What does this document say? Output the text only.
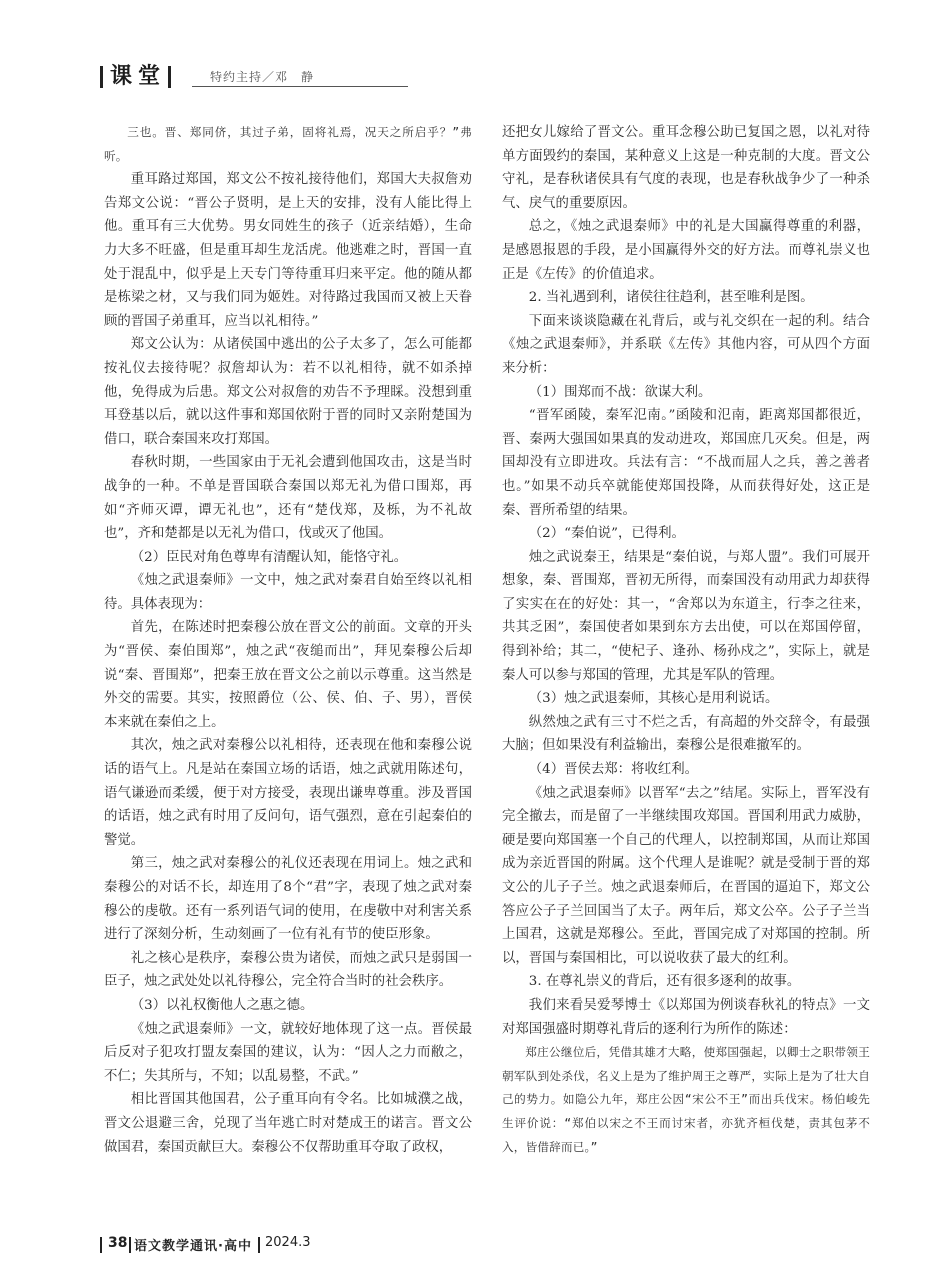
课堂	特约主持／邓　静

三也。晋、郑同侪，其过子弟，固将礼焉，况天之所启乎？”弗听。

重耳路过郑国，郑文公不按礼接待他们，郑国大夫叔詹劝告郑文公说：“晋公子贤明，是上天的安排，没有人能比得上他。重耳有三大优势。男女同姓生的孩子（近亲结婚），生命力大多不旺盛，但是重耳却生龙活虎。他逃难之时，晋国一直处于混乱中，似乎是上天专门等待重耳归来平定。他的随从都是栋梁之材，又与我们同为姬姓。对待路过我国而又被上天眷顾的晋国子弟重耳，应当以礼相待。”

郑文公认为：从诸侯国中逃出的公子太多了，怎么可能都按礼仪去接待呢？叔詹却认为：若不以礼相待，就不如杀掉他，免得成为后患。郑文公对叔詹的劝告不予理睬。没想到重耳登基以后，就以这件事和郑国依附于晋的同时又亲附楚国为借口，联合秦国来攻打郑国。

春秋时期，一些国家由于无礼会遭到他国攻击，这是当时战争的一种。不单是晋国联合秦国以郑无礼为借口围郑，再如“齐师灭谭，谭无礼也”，还有“楚伐郑，及栎，为不礼故也”，齐和楚都是以无礼为借口，伐或灭了他国。

（2）臣民对角色尊卑有清醒认知，能恪守礼。

《烛之武退秦师》一文中，烛之武对秦君自始至终以礼相待。具体表现为：

首先，在陈述时把秦穆公放在晋文公的前面。文章的开头为“晋侯、秦伯围郑”，烛之武“夜缒而出”，拜见秦穆公后却说“秦、晋围郑”，把秦王放在晋文公之前以示尊重。这当然是外交的需要。其实，按照爵位（公、侯、伯、子、男），晋侯本来就在秦伯之上。

其次，烛之武对秦穆公以礼相待，还表现在他和秦穆公说话的语气上。凡是站在秦国立场的话语，烛之武就用陈述句，语气谦逊而柔缓，便于对方接受，表现出谦卑尊重。涉及晋国的话语，烛之武有时用了反问句，语气强烈，意在引起秦伯的警觉。

第三，烛之武对秦穆公的礼仪还表现在用词上。烛之武和秦穆公的对话不长，却连用了8个“君”字，表现了烛之武对秦穆公的虔敬。还有一系列语气词的使用，在虔敬中对利害关系进行了深刻分析，生动刻画了一位有礼有节的使臣形象。

礼之核心是秩序，秦穆公贵为诸侯，而烛之武只是弱国一臣子，烛之武处处以礼待穆公，完全符合当时的社会秩序。

（3）以礼权衡他人之惠之德。

《烛之武退秦师》一文，就较好地体现了这一点。晋侯最后反对子犯攻打盟友秦国的建议，认为：“因人之力而敝之，不仁；失其所与，不知；以乱易整，不武。”

相比晋国其他国君，公子重耳向有令名。比如城濮之战，晋文公退避三舍，兑现了当年逃亡时对楚成王的诺言。晋文公做国君，秦国贡献巨大。秦穆公不仅帮助重耳夺取了政权，

还把女儿嫁给了晋文公。重耳念穆公助已复国之恩，以礼对待单方面毁约的秦国，某种意义上这是一种克制的大度。晋文公守礼，是春秋诸侯具有气度的表现，也是春秋战争少了一种杀气、戾气的重要原因。

总之，《烛之武退秦师》中的礼是大国赢得尊重的利器，是感恩报恩的手段，是小国赢得外交的好方法。而尊礼崇义也正是《左传》的价值追求。

2. 当礼遇到利，诸侯往往趋利，甚至唯利是图。

下面来谈谈隐藏在礼背后，或与礼交织在一起的利。结合《烛之武退秦师》，并系联《左传》其他内容，可从四个方面来分析：

（1）围郑而不战：欲谋大利。

“晋军函陵，秦军氾南。”函陵和氾南，距离郑国都很近，晋、秦两大强国如果真的发动进攻，郑国庶几灭矣。但是，两国却没有立即进攻。兵法有言：“不战而屈人之兵，善之善者也。”如果不动兵卒就能使郑国投降，从而获得好处，这正是秦、晋所希望的结果。

（2）“秦伯说”，已得利。

烛之武说秦王，结果是“秦伯说，与郑人盟”。我们可展开想象，秦、晋围郑，晋初无所得，而秦国没有动用武力却获得了实实在在的好处：其一，“舍郑以为东道主，行李之往来，共其乏困”，秦国使者如果到东方去出使，可以在郑国停留，得到补给；其二，“使杞子、逢孙、杨孙戍之”，实际上，就是秦人可以参与郑国的管理，尤其是军队的管理。

（3）烛之武退秦师，其核心是用利说话。

纵然烛之武有三寸不烂之舌，有高超的外交辞令，有最强大脑；但如果没有利益输出，秦穆公是很难撤军的。

（4）晋侯去郑：将收红利。

《烛之武退秦师》以晋军“去之”结尾。实际上，晋军没有完全撤去，而是留了一半继续围攻郑国。晋国利用武力威胁，硬是要向郑国塞一个自己的代理人，以控制郑国，从而让郑国成为亲近晋国的附属。这个代理人是谁呢？就是受制于晋的郑文公的儿子子兰。烛之武退秦师后，在晋国的逼迫下，郑文公答应公子子兰回国当了太子。两年后，郑文公卒。公子子兰当上国君，这就是郑穆公。至此，晋国完成了对郑国的控制。所以，晋国与秦国相比，可以说收获了最大的红利。

3. 在尊礼崇义的背后，还有很多逐利的故事。

我们来看吴爱琴博士《以郑国为例谈春秋礼的特点》一文对郑国强盛时期尊礼背后的逐利行为所作的陈述：

郑庄公继位后，凭借其雄才大略，使郑国强起，以卿士之职带领王朝军队到处杀伐，名义上是为了维护周王之尊严，实际上是为了壮大自己的势力。如隐公九年，郑庄公因“宋公不王”而出兵伐宋。杨伯峻先生评价说：“郑伯以宋之不王而讨宋者，亦犹齐桓伐楚，责其包茅不入，皆借辞而已。”

38 语文教学通讯·高中 2024.3
